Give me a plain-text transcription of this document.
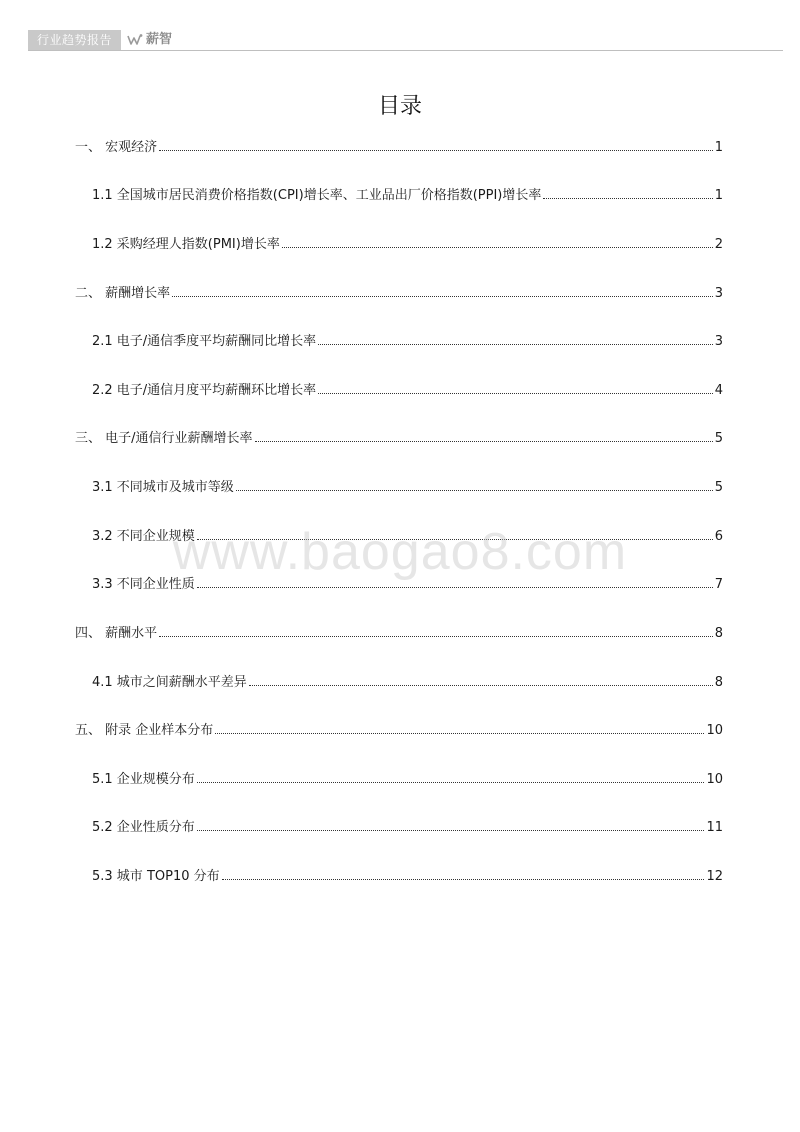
行业趋势报告	薪智
目录
一、 宏观经济	1
1.1 全国城市居民消费价格指数(CPI)增长率、工业品出厂价格指数(PPI)增长率	1
1.2 采购经理人指数(PMI)增长率	2
二、 薪酬增长率	3
2.1 电子/通信季度平均薪酬同比增长率	3
2.2 电子/通信月度平均薪酬环比增长率	4
三、 电子/通信行业薪酬增长率	5
3.1 不同城市及城市等级	5
3.2 不同企业规模	6
3.3 不同企业性质	7
四、 薪酬水平	8
4.1 城市之间薪酬水平差异	8
五、 附录 企业样本分布	10
5.1 企业规模分布	10
5.2 企业性质分布	11
5.3 城市 TOP10 分布	12
www.baogao8.com
